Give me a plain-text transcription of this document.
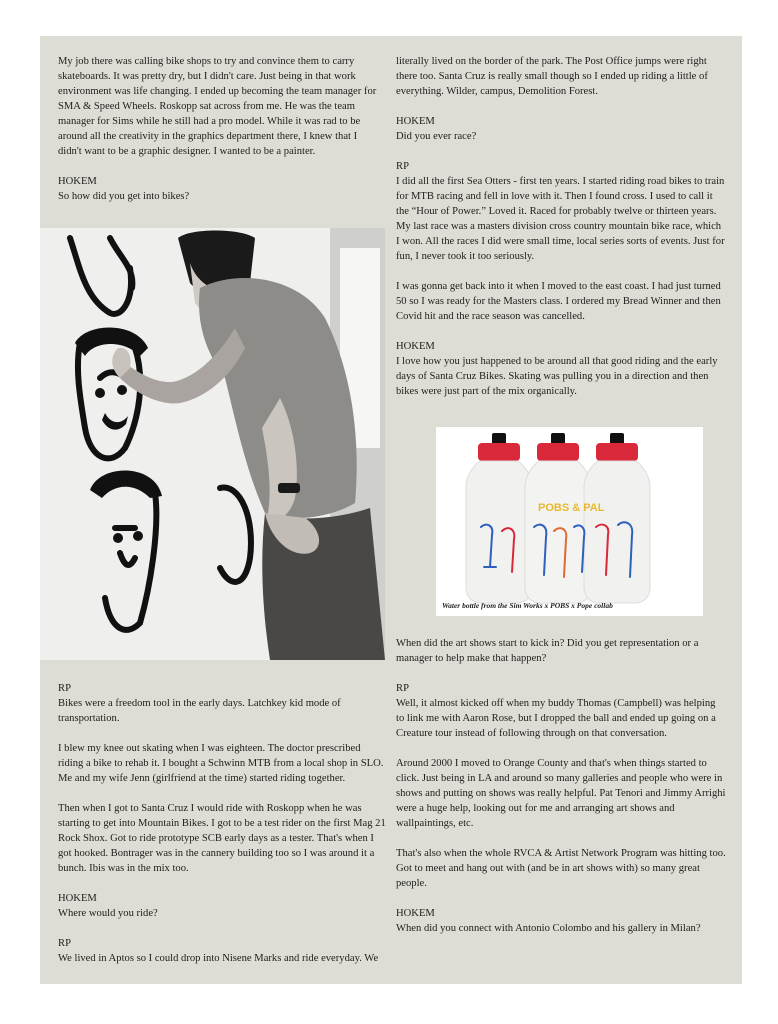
My job there was calling bike shops to try and convince them to carry skateboards. It was pretty dry, but I didn't care. Just being in that work environment was life changing. I ended up becoming the team manager for SMA & Speed Wheels. Roskopp sat across from me. He was the team manager for Sims while he still had a pro model. While it was rad to be around all the creativity in the graphics department there, I knew that I didn't want to be a graphic designer. I wanted to be a painter.

HOKEM

So how did you get into bikes?

RP

Bikes were a freedom tool in the early days. Latchkey kid mode of transportation.

I blew my knee out skating when I was eighteen. The doctor prescribed riding a bike to rehab it. I bought a Schwinn MTB from a local shop in SLO. Me and my wife Jenn (girlfriend at the time) started riding together.

Then when I got to Santa Cruz I would ride with Roskopp when he was starting to get into Mountain Bikes. I got to be a test rider on the first Mag 21 Rock Shox. Got to ride prototype SCB early days as a tester. That's when I got hooked. Bontrager was in the cannery building too so I was around it a bunch. Ibis was in the mix too.

HOKEM

Where would you ride?

RP

We lived in Aptos so I could drop into Nisene Marks and ride everyday. We

literally lived on the border of the park. The Post Office jumps were right there too. Santa Cruz is really small though so I ended up riding a little of everything. Wilder, campus, Demolition Forest.

HOKEM

Did you ever race?

RP

I did all the first Sea Otters - first ten years. I started riding road bikes to train for MTB racing and fell in love with it. Then I found cross. I used to call it the “Hour of Power.” Loved it. Raced for probably twelve or thirteen years. My last race was a masters division cross country mountain bike race, which I won. All the races I did were small time, local series sorts of events. Just for fun, I never took it too seriously.

I was gonna get back into it when I moved to the east coast. I had just turned 50 so I was ready for the Masters class. I ordered my Bread Winner and then Covid hit and the race season was cancelled.

HOKEM

I love how you just happened to be around all that good riding and the early days of Santa Cruz Bikes. Skating was pulling you in a direction and then bikes were just part of the mix organically.

POBS & PAL
Water bottle from the Sim Works x POBS x Pope collab

When did the art shows start to kick in? Did you get representation or a manager to help make that happen?

RP

Well, it almost kicked off when my buddy Thomas (Campbell) was helping to link me with Aaron Rose, but I dropped the ball and ended up going on a Creature tour instead of following through on that conversation.

Around 2000 I moved to Orange County and that's when things started to click. Just being in LA and around so many galleries and people who were in shows and putting on shows was really helpful. Pat Tenori and Jimmy Arrighi were a huge help, looking out for me and arranging art shows and wallpaintings, etc.

That's also when the whole RVCA & Artist Network Program was hitting too. Got to meet and hang out with (and be in art shows with) so many great people.

HOKEM

When did you connect with Antonio Colombo and his gallery in Milan?
